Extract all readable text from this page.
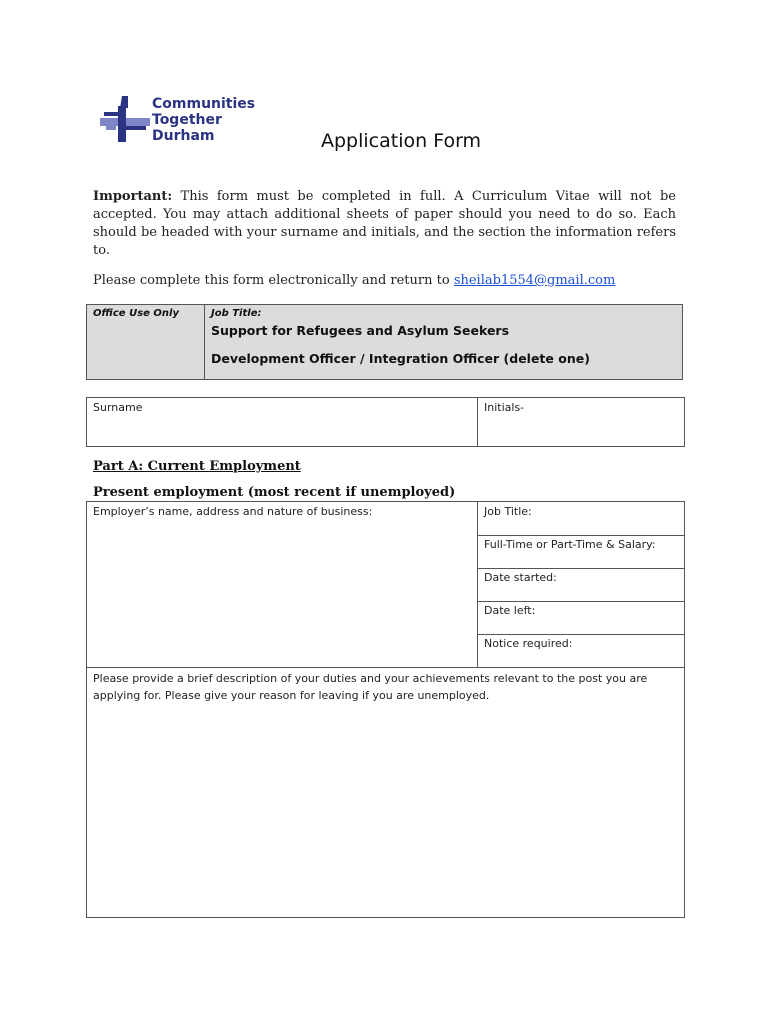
Communities
Together
Durham	Application Form
Important: This form must be completed in full. A Curriculum Vitae will not be accepted. You may attach additional sheets of paper should you need to do so. Each should be headed with your surname and initials, and the section the information refers to.
Please complete this form electronically and return to sheilab1554@gmail.com
Office Use Only	Job Title:
Support for Refugees and Asylum Seekers
Development Officer / Integration Officer (delete one)
Surname	Initials-
Part A: Current Employment
Present employment (most recent if unemployed)
Employer’s name, address and nature of business:	Job Title:
Full-Time or Part-Time & Salary:
Date started:
Date left:
Notice required:
Please provide a brief description of your duties and your achievements relevant to the post you are applying for. Please give your reason for leaving if you are unemployed.
